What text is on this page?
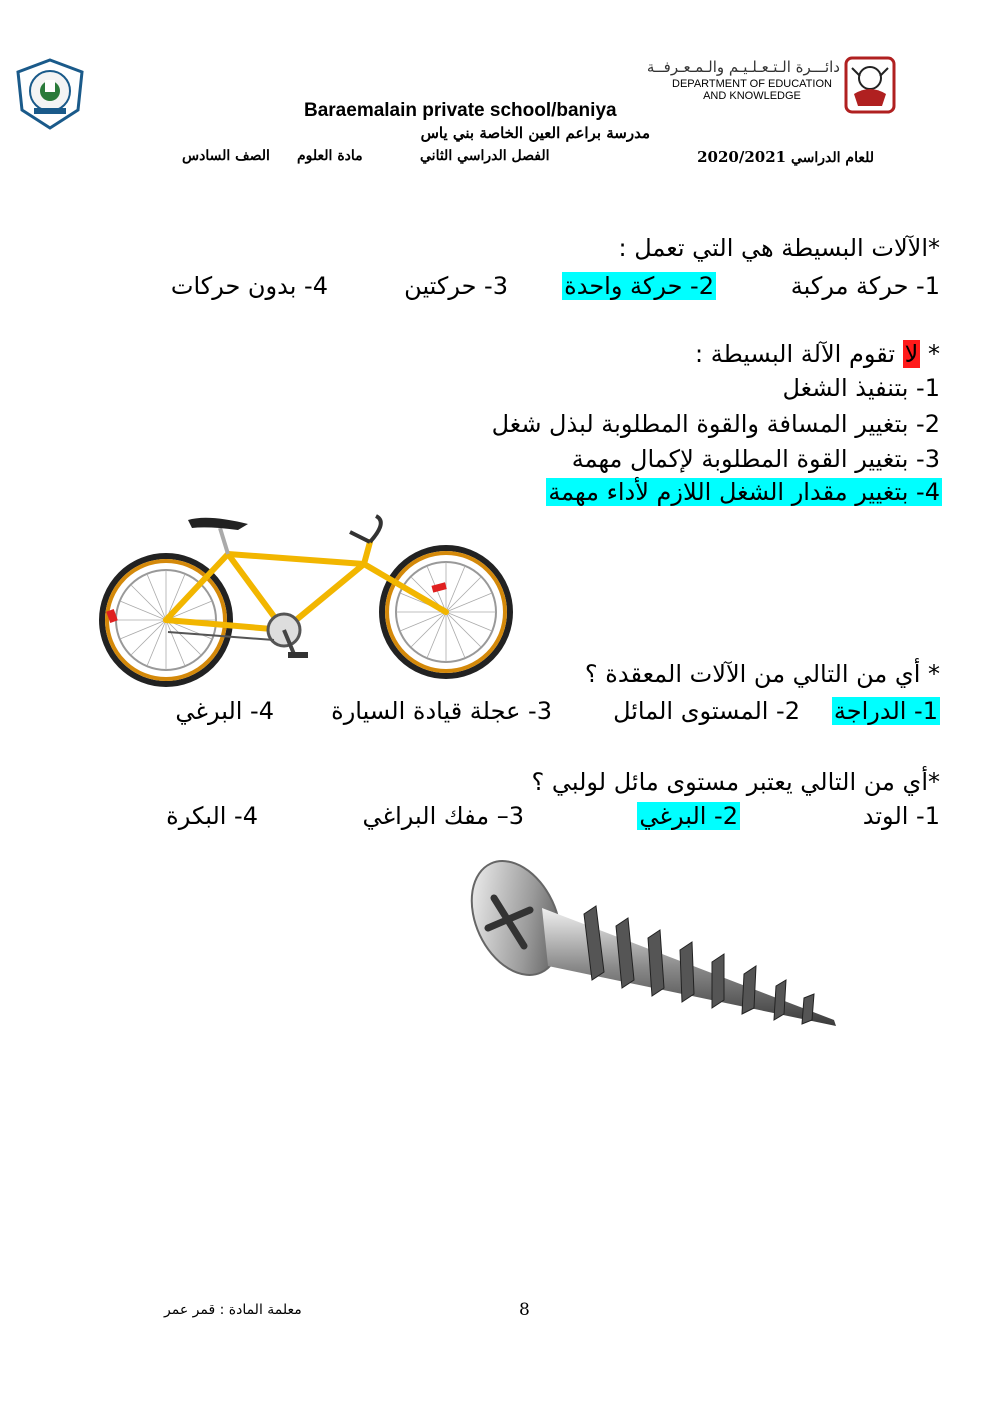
دائـــرة الـتـعـلـيـم والـمـعـرفــة
DEPARTMENT OF EDUCATION
AND KNOWLEDGE
Baraemalain private school/baniya
مدرسة براعم العين الخاصة بني ياس
الصف السادس مادة العلوم	الفصل الدراسي الثاني	للعام الدراسي 2020/2021
*الآلات البسيطة هي التي تعمل :
1- حركة مركبة
2- حركة واحدة
3- حركتين
4- بدون حركات
* لا تقوم الآلة البسيطة :
1- بتنفيذ الشغل
2- بتغيير المسافة والقوة المطلوبة لبذل شغل
3- بتغيير القوة المطلوبة لإكمال مهمة
4- بتغيير مقدار الشغل اللازم لأداء مهمة
* أي من التالي من الآلات المعقدة ؟
1- الدراجة
2- المستوى المائل
3- عجلة قيادة السيارة
4- البرغي
*أي من التالي يعتبر مستوى مائل لولبي ؟
1- الوتد
2- البرغي
3– مفك البراغي
4- البكرة
8
معلمة المادة : قمر عمر
